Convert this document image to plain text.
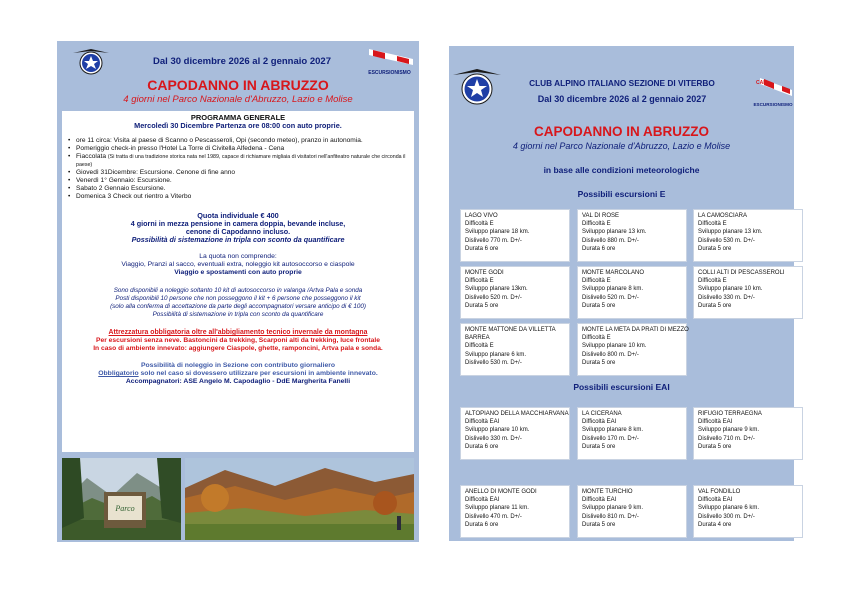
Dal 30 dicembre 2026 al 2 gennaio 2027
ESCURSIONISMO
CAPODANNO IN ABRUZZO
4 giorni nel Parco Nazionale d'Abruzzo, Lazio e Molise
PROGRAMMA GENERALE
Mercoledì 30 Dicembre Partenza ore 08:00 con auto proprie.
• ore 11 circa: Visita al paese di Scanno o Pescasseroli, Opi (secondo meteo), pranzo in autonomia.
• Pomeriggio check-in presso l'Hotel La Torre di Civitella Alfedena - Cena
• Fiaccolata (Si tratta di una tradizione storica nata nel 1989, capace di richiamare migliaia di visitatori nell'anfiteatro naturale che circonda il paese)
• Giovedì 31Dicembre: Escursione. Cenone di fine anno
• Venerdì 1° Gennaio: Escursione.
• Sabato 2 Gennaio Escursione.
• Domenica 3 Check out rientro a Viterbo
Quota individuale € 400
4 giorni in mezza pensione in camera doppia, bevande incluse,
cenone di Capodanno incluso.
Possibilità di sistemazione in tripla con sconto da quantificare
La quota non comprende:
Viaggio, Pranzi al sacco, eventuali extra, noleggio kit autosoccorso e ciaspole
Viaggio e spostamenti con auto proprie
Sono disponibili a noleggio soltanto 10 kit di autosoccorso in valanga /Artva Pala e sonda
Posti disponibili 10 persone che non posseggono il kit + 6 persone che posseggono il kit
(solo alla conferma di accettazione da parte degli accompagnatori versare anticipo di € 100)
Possibilità di sistemazione in tripla con sconto da quantificare
Attrezzatura obbligatoria oltre all'abbigliamento tecnico invernale da montagna
Per escursioni senza neve. Bastoncini da trekking, Scarponi alti da trekking, luce frontale
In caso di ambiente innevato: aggiungere Ciaspole, ghette, ramponcini, Artva pala e sonda.
Possibilità di noleggio in Sezione con contributo giornaliero
Obbligatorio solo nel caso si dovessero utilizzare per escursioni in ambiente innevato.
Accompagnatori: ASE Angelo M. Capodaglio - DdE Margherita Fanelli
Parco
CLUB ALPINO ITALIANO SEZIONE DI VITERBO
Dal 30 dicembre 2026 al 2 gennaio 2027
CAI
ESCURSIONISMO
CAPODANNO IN ABRUZZO
4 giorni nel Parco Nazionale d'Abruzzo, Lazio e Molise
in base alle condizioni meteorologiche
Possibili escursioni E
LAGO VIVO
Difficoltà E
Sviluppo planare 18 km.
Dislivello 770 m. D+/-
Durata 6 ore
VAL DI ROSE
Difficoltà E
Sviluppo planare 13 km.
Dislivello 880 m. D+/-
Durata 6 ore
LA CAMOSCIARA
Difficoltà E
Sviluppo planare 13 km.
Dislivello 530 m. D+/-
Durata 5 ore
MONTE GODI
Difficoltà E
Sviluppo planare 13km.
Dislivello 520 m. D+/-
Durata 5 ore
MONTE MARCOLANO
Difficoltà E
Sviluppo planare 8 km.
Dislivello 520 m. D+/-
Durata 5 ore
COLLI ALTI DI PESCASSEROLI
Difficoltà E
Sviluppo planare 10 km.
Dislivello 330 m. D+/-
Durata 5 ore
MONTE MATTONE DA VILLETTA
BARREA
Difficoltà E
Sviluppo planare 6 km.
Dislivello 530 m. D+/-
MONTE LA META DA PRATI DI MEZZO
Difficoltà E
Sviluppo planare 10 km.
Dislivello 800 m. D+/-
Durata 5 ore
Possibili escursioni EAI
ALTOPIANO DELLA MACCHIARVANA
Difficoltà EAI
Sviluppo planare 10 km.
Dislivello 330 m. D+/-
Durata 6 ore
LA CICERANA
Difficoltà EAI
Sviluppo planare 8 km.
Dislivello 170 m. D+/-
Durata 5 ore
RIFUGIO TERRAEGNA
Difficoltà EAI
Sviluppo planare 9 km.
Dislivello 710 m. D+/-
Durata 5 ore
ANELLO DI MONTE GODI
Difficoltà EAI
Sviluppo planare 11 km.
Dislivello 470 m. D+/-
Durata 6 ore
MONTE TURCHIO
Difficoltà EAI
Sviluppo planare 9 km.
Dislivello 810 m. D+/-
Durata 5 ore
VAL FONDILLO
Difficoltà EAI
Sviluppo planare 6 km.
Dislivello 300 m. D+/-
Durata 4 ore
